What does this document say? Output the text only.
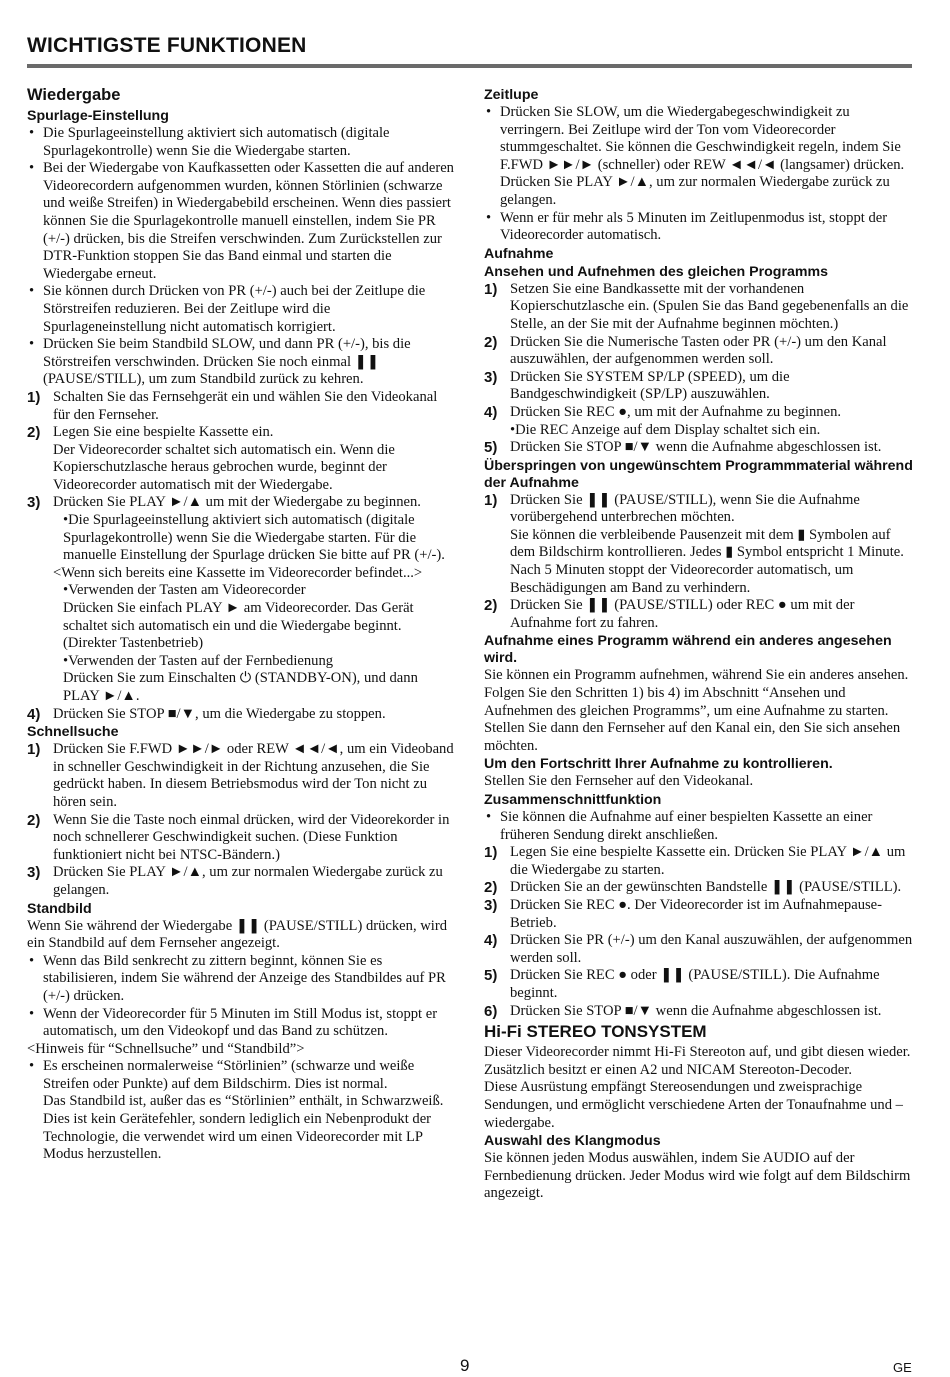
WICHTIGSTE FUNKTIONEN
Wiedergabe
Spurlage-Einstellung

• Die Spurlageeinstellung aktiviert sich automatisch (digitale Spurlagekontrolle) wenn Sie die Wiedergabe starten.

• Bei der Wiedergabe von Kaufkassetten oder Kassetten die auf anderen Videorecordern aufgenommen wurden, können Störlinien (schwarze und weiße Streifen) in Wiedergabebild erscheinen. Wenn dies passiert können Sie die Spurlagekontrolle manuell einstellen, indem Sie PR (+/-) drücken, bis die Streifen verschwinden. Zum Zurückstellen zur DTR-Funktion stoppen Sie das Band einmal und starten die Wiedergabe erneut.

• Sie können durch Drücken von PR (+/-) auch bei der Zeitlupe die Störstreifen reduzieren. Bei der Zeitlupe wird die Spurlageneinstellung nicht automatisch korrigiert.

• Drücken Sie beim Standbild SLOW, und dann PR (+/-), bis die Störstreifen verschwinden. Drücken Sie noch einmal ❚❚ (PAUSE/STILL), um zum Standbild zurück zu kehren.

1) Schalten Sie das Fernsehgerät ein und wählen Sie den Videokanal für den Fernseher.
2) Legen Sie eine bespielte Kassette ein.

Der Videorecorder schaltet sich automatisch ein. Wenn die Kopierschutzlasche heraus gebrochen wurde, beginnt der Videorecorder automatisch mit der Wiedergabe.

3) Drücken Sie PLAY ►/▲ um mit der Wiedergabe zu beginnen.

•Die Spurlageeinstellung aktiviert sich automatisch (digitale Spurlagekontrolle) wenn Sie die Wiedergabe starten. Für die manuelle Einstellung der Spurlage drücken Sie bitte auf PR (+/-).

<Wenn sich bereits eine Kassette im Videorecorder befindet...>

•Verwenden der Tasten am Videorecorder

Drücken Sie einfach PLAY ► am Videorecorder. Das Gerät schaltet sich automatisch ein und die Wiedergabe beginnt. (Direkter Tastenbetrieb)

•Verwenden der Tasten auf der Fernbedienung

Drücken Sie zum Einschalten ⏻ (STANDBY-ON), und dann PLAY ►/▲.

4) Drücken Sie STOP ■/▼, um die Wiedergabe zu stoppen.
Schnellsuche
1) Drücken Sie F.FWD ►►/► oder REW ◄◄/◄, um ein Videoband in schneller Geschwindigkeit in der Richtung anzusehen, die Sie gedrückt haben. In diesem Betriebsmodus wird der Ton nicht zu hören sein.
2) Wenn Sie die Taste noch einmal drücken, wird der Videorekorder in noch schnellerer Geschwindigkeit suchen. (Diese Funktion funktioniert nicht bei NTSC-Bändern.)
3) Drücken Sie PLAY ►/▲, um zur normalen Wiedergabe zurück zu gelangen.
Standbild

Wenn Sie während der Wiedergabe ❚❚ (PAUSE/STILL) drücken, wird ein Standbild auf dem Fernseher angezeigt.

• Wenn das Bild senkrecht zu zittern beginnt, können Sie es stabilisieren, indem Sie während der Anzeige des Standbildes auf PR (+/-) drücken.

• Wenn der Videorecorder für 5 Minuten im Still Modus ist, stoppt er automatisch, um den Videokopf und das Band zu schützen.

<Hinweis für “Schnellsuche” und “Standbild”>

• Es erscheinen normalerweise “Störlinien” (schwarze und weiße Streifen oder Punkte) auf dem Bildschirm. Dies ist normal.

Das Standbild ist, außer das es “Störlinien” enthält, in Schwarzweiß.

Dies ist kein Gerätefehler, sondern lediglich ein Nebenprodukt der Technologie, die verwendet wird um einen Videorecorder mit LP Modus herzustellen.

Zeitlupe

• Drücken Sie SLOW, um die Wiedergabegeschwindigkeit zu verringern. Bei Zeitlupe wird der Ton vom Videorecorder stummgeschaltet. Sie können die Geschwindigkeit regeln, indem Sie F.FWD ►►/► (schneller) oder REW ◄◄/◄ (langsamer) drücken. Drücken Sie PLAY ►/▲, um zur normalen Wiedergabe zurück zu gelangen.

• Wenn er für mehr als 5 Minuten im Zeitlupenmodus ist, stoppt der Videorecorder automatisch.

Aufnahme
Ansehen und Aufnehmen des gleichen Programms
1) Setzen Sie eine Bandkassette mit der vorhandenen Kopierschutzlasche ein. (Spulen Sie das Band gegebenenfalls an die Stelle, an der Sie mit der Aufnahme beginnen möchten.)
2) Drücken Sie die Numerische Tasten oder PR (+/-) um den Kanal auszuwählen, der aufgenommen werden soll.
3) Drücken Sie SYSTEM SP/LP (SPEED), um die Bandgeschwindigkeit (SP/LP) auszuwählen.
4) Drücken Sie REC ●, um mit der Aufnahme zu beginnen.

•Die REC Anzeige auf dem Display schaltet sich ein.

5) Drücken Sie STOP ■/▼ wenn die Aufnahme abgeschlossen ist.
Überspringen von ungewünschtem Programmmaterial während der Aufnahme
1) Drücken Sie ❚❚ (PAUSE/STILL), wenn Sie die Aufnahme vorübergehend unterbrechen möchten.

Sie können die verbleibende Pausenzeit mit dem ▮ Symbolen auf dem Bildschirm kontrollieren. Jedes ▮ Symbol entspricht 1 Minute. Nach 5 Minuten stoppt der Videorecorder automatisch, um Beschädigungen am Band zu verhindern.

2) Drücken Sie ❚❚ (PAUSE/STILL) oder REC ● um mit der Aufnahme fort zu fahren.
Aufnahme eines Programm während ein anderes angesehen wird.

Sie können ein Programm aufnehmen, während Sie ein anderes ansehen. Folgen Sie den Schritten 1) bis 4) im Abschnitt “Ansehen und Aufnehmen des gleichen Programms”, um eine Aufnahme zu starten. Stellen Sie dann den Fernseher auf den Kanal ein, den Sie sich ansehen möchten.

Um den Fortschritt Ihrer Aufnahme zu kontrollieren.

Stellen Sie den Fernseher auf den Videokanal.

Zusammenschnittfunktion

• Sie können die Aufnahme auf einer bespielten Kassette an einer früheren Sendung direkt anschließen.

1) Legen Sie eine bespielte Kassette ein. Drücken Sie PLAY ►/▲ um die Wiedergabe zu starten.
2) Drücken Sie an der gewünschten Bandstelle ❚❚ (PAUSE/STILL).
3) Drücken Sie REC ●. Der Videorecorder ist im Aufnahmepause-Betrieb.
4) Drücken Sie PR (+/-) um den Kanal auszuwählen, der aufgenommen werden soll.
5) Drücken Sie REC ● oder ❚❚ (PAUSE/STILL). Die Aufnahme beginnt.
6) Drücken Sie STOP ■/▼ wenn die Aufnahme abgeschlossen ist.
Hi-Fi STEREO TONSYSTEM

Dieser Videorecorder nimmt Hi-Fi Stereoton auf, und gibt diesen wieder. Zusätzlich besitzt er einen A2 und NICAM Stereoton-Decoder.

Diese Ausrüstung empfängt Stereosendungen und zweisprachige Sendungen, und ermöglicht verschiedene Arten der Tonaufnahme und –wiedergabe.

Auswahl des Klangmodus

Sie können jeden Modus auswählen, indem Sie AUDIO auf der Fernbedienung drücken. Jeder Modus wird wie folgt auf dem Bildschirm angezeigt.

9	GE
